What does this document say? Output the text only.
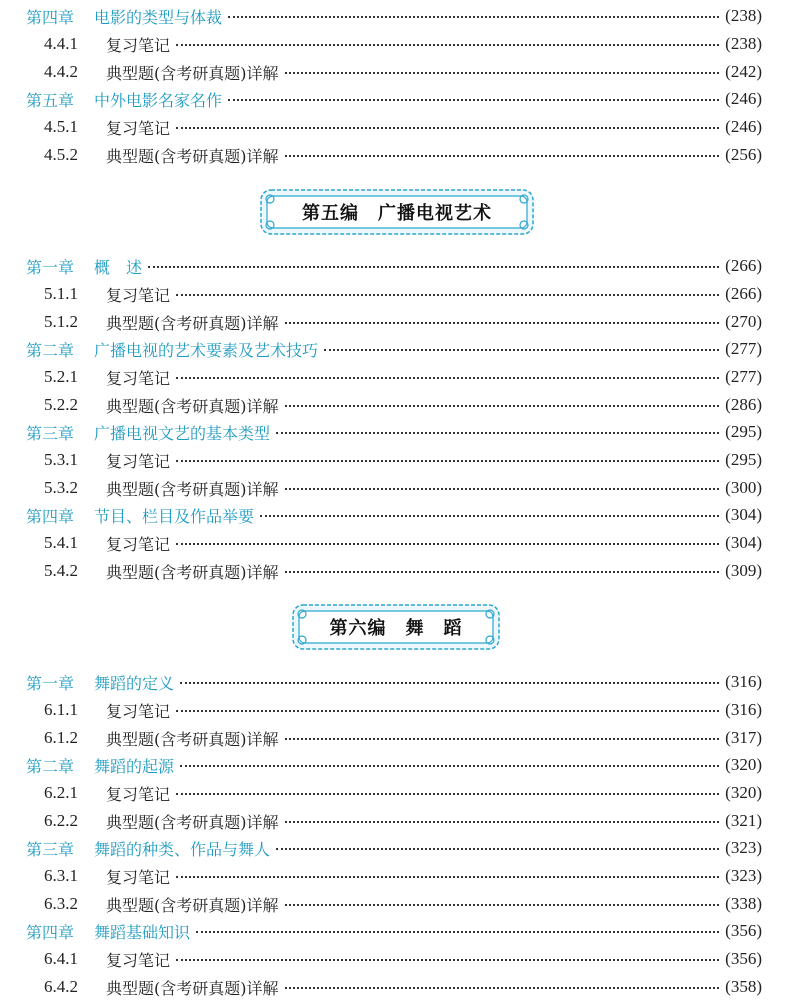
第四章 电影的类型与体裁	(238)
4.4.1	复习笔记	(238)
4.4.2	典型题(含考研真题)详解	(242)
第五章 中外电影名家名作	(246)
4.5.1	复习笔记	(246)
4.5.2	典型题(含考研真题)详解	(256)
第五编　广播电视艺术
第一章 概　述	(266)
5.1.1	复习笔记	(266)
5.1.2	典型题(含考研真题)详解	(270)
第二章 广播电视的艺术要素及艺术技巧	(277)
5.2.1	复习笔记	(277)
5.2.2	典型题(含考研真题)详解	(286)
第三章 广播电视文艺的基本类型	(295)
5.3.1	复习笔记	(295)
5.3.2	典型题(含考研真题)详解	(300)
第四章 节目、栏目及作品举要	(304)
5.4.1	复习笔记	(304)
5.4.2	典型题(含考研真题)详解	(309)
第六编　舞　蹈
第一章 舞蹈的定义	(316)
6.1.1	复习笔记	(316)
6.1.2	典型题(含考研真题)详解	(317)
第二章 舞蹈的起源	(320)
6.2.1	复习笔记	(320)
6.2.2	典型题(含考研真题)详解	(321)
第三章 舞蹈的种类、作品与舞人	(323)
6.3.1	复习笔记	(323)
6.3.2	典型题(含考研真题)详解	(338)
第四章 舞蹈基础知识	(356)
6.4.1	复习笔记	(356)
6.4.2	典型题(含考研真题)详解	(358)
